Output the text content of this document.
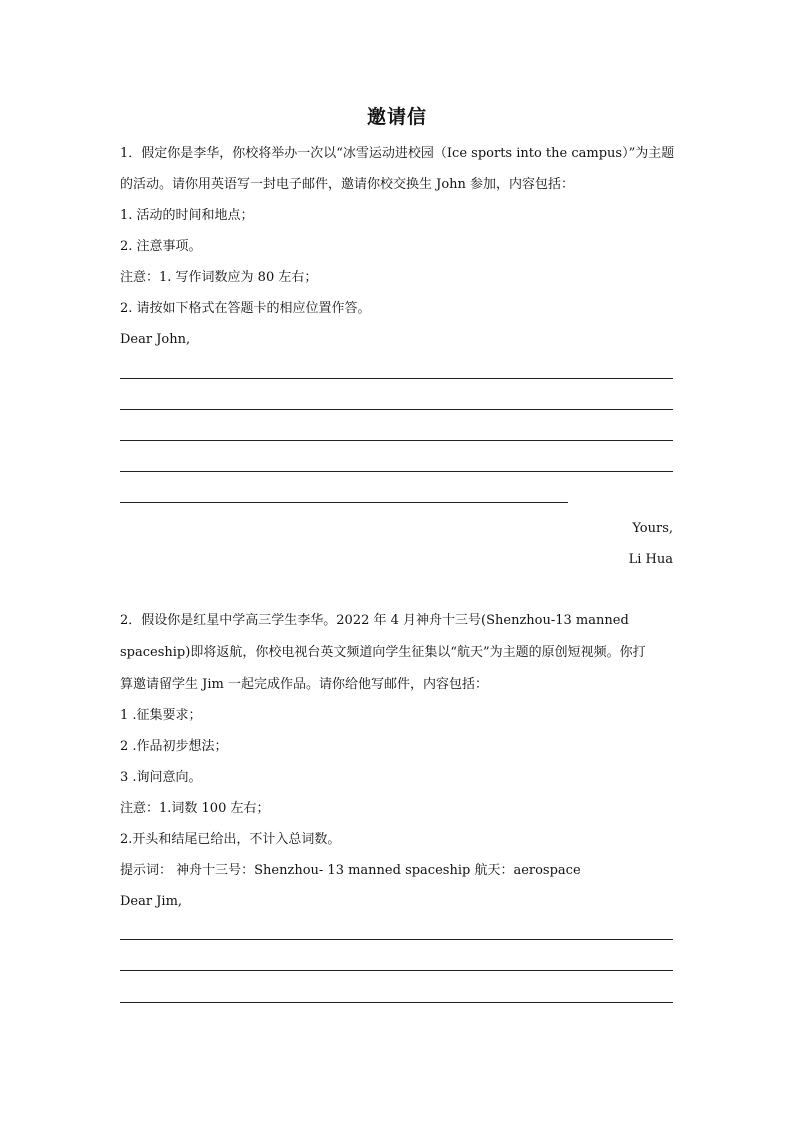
邀请信
1．假定你是李华，你校将举办一次以“冰雪运动进校园（Ice sports into the campus）”为主题
的活动。请你用英语写一封电子邮件，邀请你校交换生 John 参加，内容包括：
1. 活动的时间和地点；
2. 注意事项。
注意：1. 写作词数应为 80 左右；
2. 请按如下格式在答题卡的相应位置作答。
Dear John,
Yours,
Li Hua
2．假设你是红星中学高三学生李华。2022 年 4 月神舟十三号(Shenzhou-13 manned
spaceship)即将返航，你校电视台英文频道向学生征集以“航天”为主题的原创短视频。你打
算邀请留学生 Jim 一起完成作品。请你给他写邮件，内容包括：
1 .征集要求；
2 .作品初步想法；
3 .询问意向。
注意：1.词数 100 左右；
2.开头和结尾已给出，不计入总词数。
提示词： 神舟十三号：Shenzhou- 13 manned spaceship 航天：aerospace
Dear Jim,
